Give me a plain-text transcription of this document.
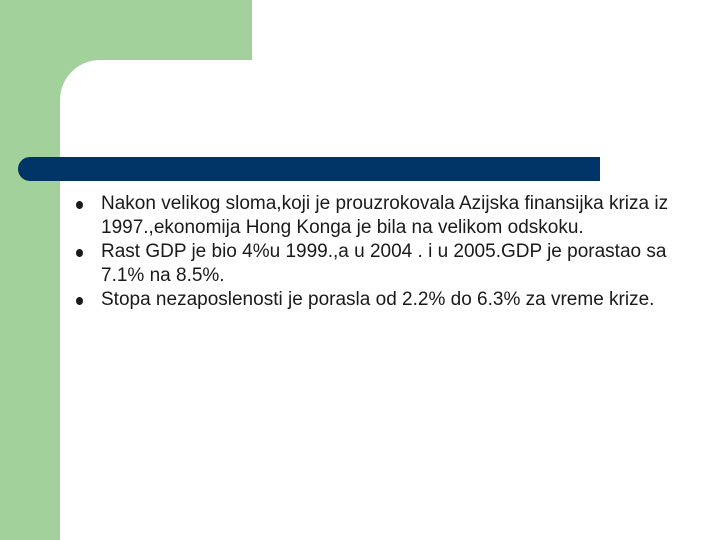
Nakon velikog sloma,koji je prouzrokovala Azijska finansijka kriza iz 1997.,ekonomija Hong Konga je bila na velikom odskoku.
Rast GDP je bio 4%u 1999.,a u 2004 . i u 2005.GDP je porastao sa 7.1% na 8.5%.
Stopa nezaposlenosti je porasla od 2.2% do 6.3% za vreme krize.
